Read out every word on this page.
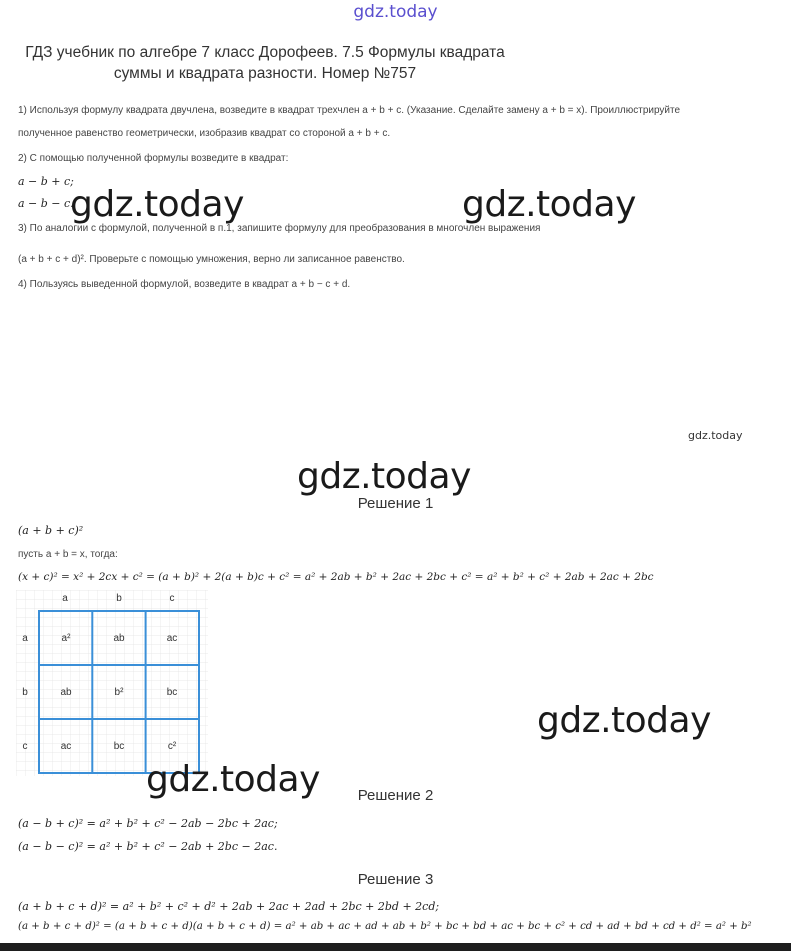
gdz.today
ГДЗ учебник по алгебре 7 класс Дорофеев. 7.5 Формулы квадрата суммы и квадрата разности. Номер №757
1) Используя формулу квадрата двучлена, возведите в квадрат трехчлен a + b + c. (Указание. Сделайте замену a + b = x). Проиллюстрируйте
полученное равенство геометрически, изобразив квадрат со стороной a + b + c.
2) С помощью полученной формулы возведите в квадрат:
a − b + c;
a − b − c.
3) По аналогии с формулой, полученной в п.1, запишите формулу для преобразования в многочлен выражения
(a + b + c + d)². Проверьте с помощью умножения, верно ли записанное равенство.
4) Пользуясь выведенной формулой, возведите в квадрат a + b − c + d.
gdz.today	gdz.today
gdz.today
gdz.today
Решение 1
(a + b + c)²
пусть a + b = x, тогда:
(x + c)² = x² + 2cx + c² = (a + b)² + 2(a + b)c + c² = a² + 2ab + b² + 2ac + 2bc + c² = a² + b² + c² + 2ab + 2ac + 2bc
a	b	c
a
b
c
a²	ab	ac
ab	b²	bc
ac	bc	c²
gdz.today
gdz.today	Решение 2
(a − b + c)² = a² + b² + c² − 2ab − 2bc + 2ac;
(a − b − c)² = a² + b² + c² − 2ab + 2bc − 2ac.
Решение 3
(a + b + c + d)² = a² + b² + c² + d² + 2ab + 2ac + 2ad + 2bc + 2bd + 2cd;
(a + b + c + d)² = (a + b + c + d)(a + b + c + d) = a² + ab + ac + ad + ab + b² + bc + bd + ac + bc + c² + cd + ad + bd + cd + d² = a² + b²
